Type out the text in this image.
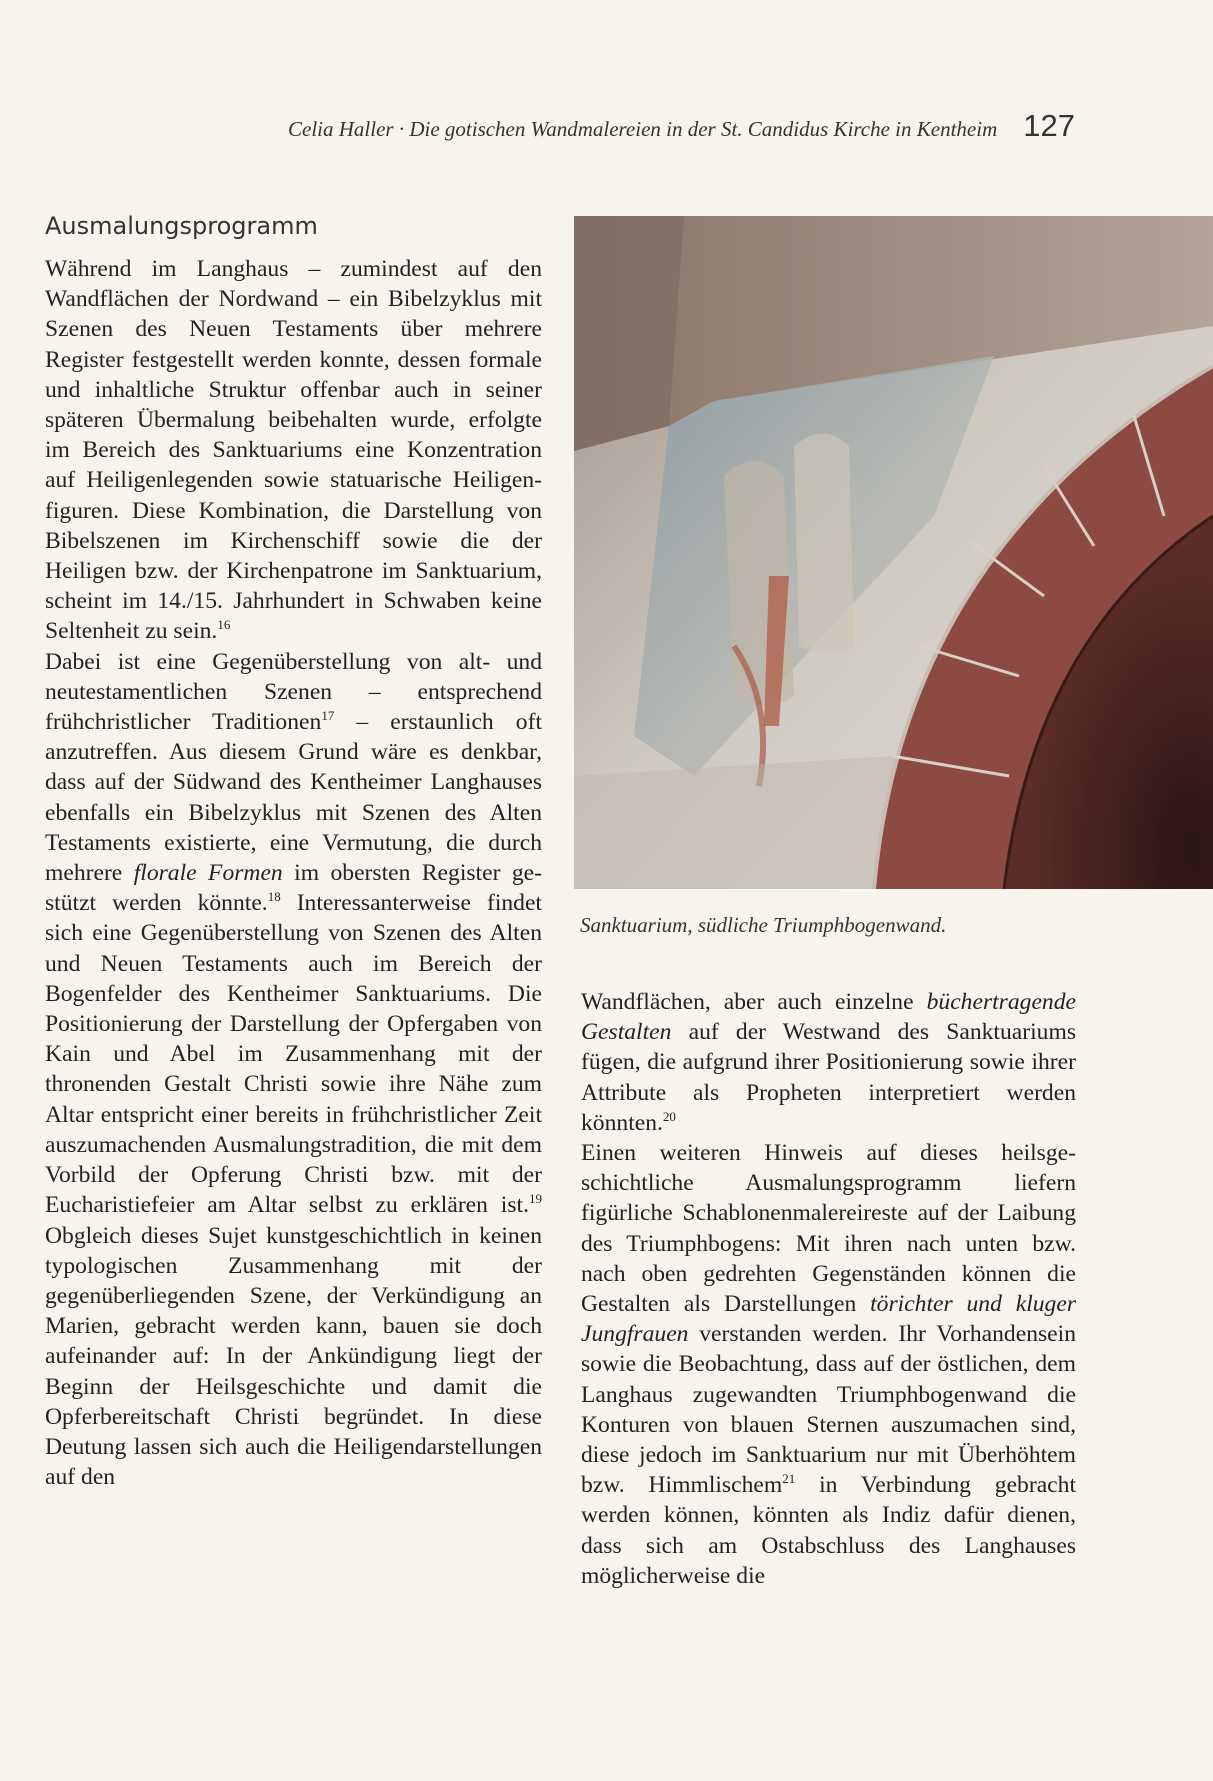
Celia Haller · Die gotischen Wandmalereien in der St. Candidus Kirche in Kentheim 127
Ausmalungsprogramm

Während im Langhaus – zumindest auf den Wandflächen der Nordwand – ein Bibelzyklus mit Szenen des Neuen Testaments über mehrere Register festgestellt werden konnte, dessen formale und inhaltliche Struktur offenbar auch in seiner späteren Übermalung beibehalten wurde, erfolgte im Bereich des Sanktuariums eine Konzentration auf Heiligenlegenden sowie statuarische Heiligenfiguren. Diese Kombination, die Darstellung von Bibelszenen im Kirchenschiff sowie die der Heiligen bzw. der Kirchenpatrone im Sanktuarium, scheint im 14./15. Jahrhundert in Schwaben keine Seltenheit zu sein.$^{16}$

Dabei ist eine Gegenüberstellung von alt- und neutestamentlichen Szenen – entsprechend frühchristlicher Traditionen$^{17}$ – erstaunlich oft anzutreffen. Aus diesem Grund wäre es denkbar, dass auf der Südwand des Kentheimer Langhauses ebenfalls ein Bibelzyklus mit Szenen des Alten Testaments existierte, eine Vermutung, die durch mehrere florale Formen im obersten Register gestützt werden könnte.$^{18}$ Interessanterweise findet sich eine Gegenüberstellung von Szenen des Alten und Neuen Testaments auch im Bereich der Bogenfelder des Kentheimer Sanktuariums. Die Positionierung der Darstellung der Opfergaben von Kain und Abel im Zusammenhang mit der thronenden Gestalt Christi sowie ihre Nähe zum Altar entspricht einer bereits in frühchristlicher Zeit auszumachenden Ausmalungstradition, die mit dem Vorbild der Opferung Christi bzw. mit der Eucharistiefeier am Altar selbst zu erklären ist.$^{19}$ Obgleich dieses Sujet kunstgeschichtlich in keinen typologischen Zusammenhang mit der gegenüberliegenden Szene, der Verkündigung an Marien, gebracht werden kann, bauen sie doch aufeinander auf: In der Ankündigung liegt der Beginn der Heilsgeschichte und damit die Opferbereitschaft Christi begründet. In diese Deutung lassen sich auch die Heiligendarstellungen auf den

Sanktuarium, südliche Triumphbogenwand.

Wandflächen, aber auch einzelne büchertragende Gestalten auf der Westwand des Sanktuariums fügen, die aufgrund ihrer Positionierung sowie ihrer Attribute als Propheten interpretiert werden könnten.$^{20}$

Einen weiteren Hinweis auf dieses heilsgeschichtliche Ausmalungsprogramm liefern figürliche Schablonenmalereireste auf der Laibung des Triumphbogens: Mit ihren nach unten bzw. nach oben gedrehten Gegenständen können die Gestalten als Darstellungen törichter und kluger Jungfrauen verstanden werden. Ihr Vorhandensein sowie die Beobachtung, dass auf der östlichen, dem Langhaus zugewandten Triumphbogenwand die Konturen von blauen Sternen auszumachen sind, diese jedoch im Sanktuarium nur mit Überhöhtem bzw. Himmlischem$^{21}$ in Verbindung gebracht werden können, könnten als Indiz dafür dienen, dass sich am Ostabschluss des Langhauses möglicherweise die
